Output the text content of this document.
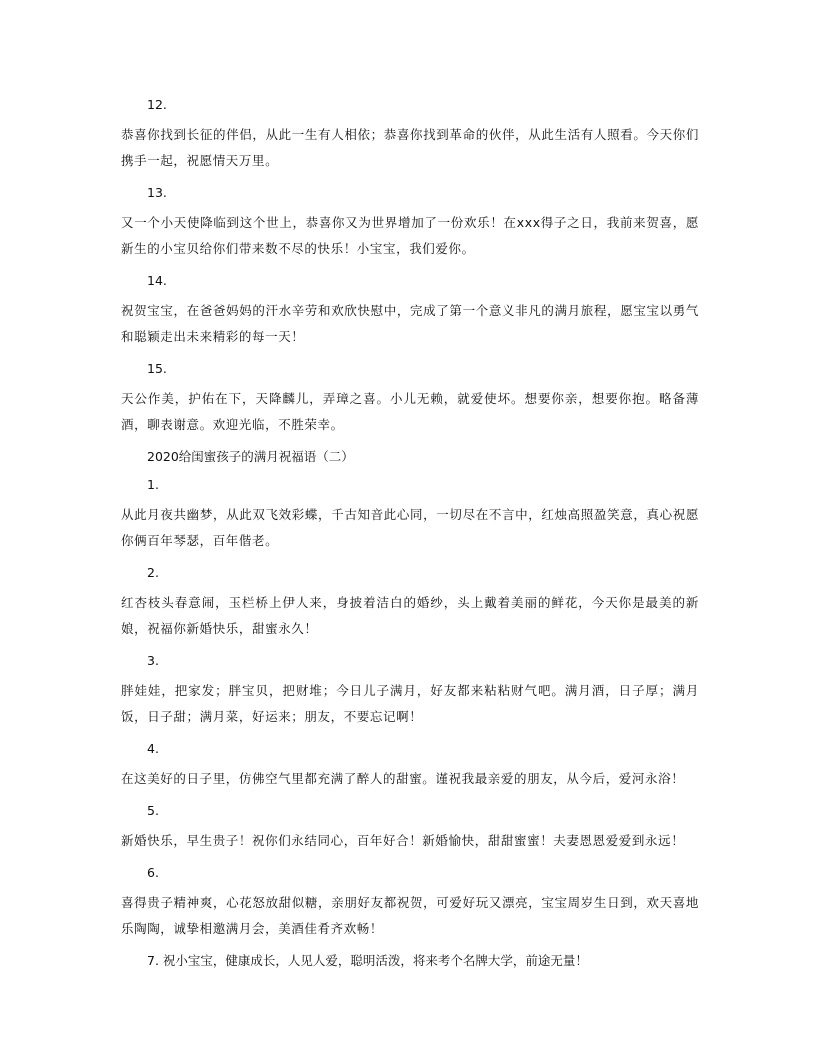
12.
恭喜你找到长征的伴侣，从此一生有人相依；恭喜你找到革命的伙伴，从此生活有人照看。今天你们携手一起，祝愿情天万里。
13.
又一个小天使降临到这个世上，恭喜你又为世界增加了一份欢乐！在xxx得子之日，我前来贺喜，愿新生的小宝贝给你们带来数不尽的快乐！小宝宝，我们爱你。
14.
祝贺宝宝，在爸爸妈妈的汗水辛劳和欢欣快慰中，完成了第一个意义非凡的满月旅程，愿宝宝以勇气和聪颖走出未来精彩的每一天！
15.
天公作美，护佑在下，天降麟儿，弄璋之喜。小儿无赖，就爱使坏。想要你亲，想要你抱。略备薄酒，聊表谢意。欢迎光临，不胜荣幸。
2020给闺蜜孩子的满月祝福语（二）
1.
从此月夜共幽梦，从此双飞效彩蝶，千古知音此心同，一切尽在不言中，红烛高照盈笑意，真心祝愿你俩百年琴瑟，百年偕老。
2.
红杏枝头春意闹，玉栏桥上伊人来，身披着洁白的婚纱，头上戴着美丽的鲜花，今天你是最美的新娘，祝福你新婚快乐，甜蜜永久！
3.
胖娃娃，把家发；胖宝贝，把财堆；今日儿子满月，好友都来粘粘财气吧。满月酒，日子厚；满月饭，日子甜；满月菜，好运来；朋友，不要忘记啊！
4.
在这美好的日子里，仿佛空气里都充满了醉人的甜蜜。谨祝我最亲爱的朋友，从今后，爱河永浴！
5.
新婚快乐，早生贵子！祝你们永结同心，百年好合！新婚愉快，甜甜蜜蜜！夫妻恩恩爱爱到永远！
6.
喜得贵子精神爽，心花怒放甜似糖，亲朋好友都祝贺，可爱好玩又漂亮，宝宝周岁生日到，欢天喜地乐陶陶，诚挚相邀满月会，美酒佳肴齐欢畅！
7. 祝小宝宝，健康成长，人见人爱，聪明活泼，将来考个名牌大学，前途无量！
